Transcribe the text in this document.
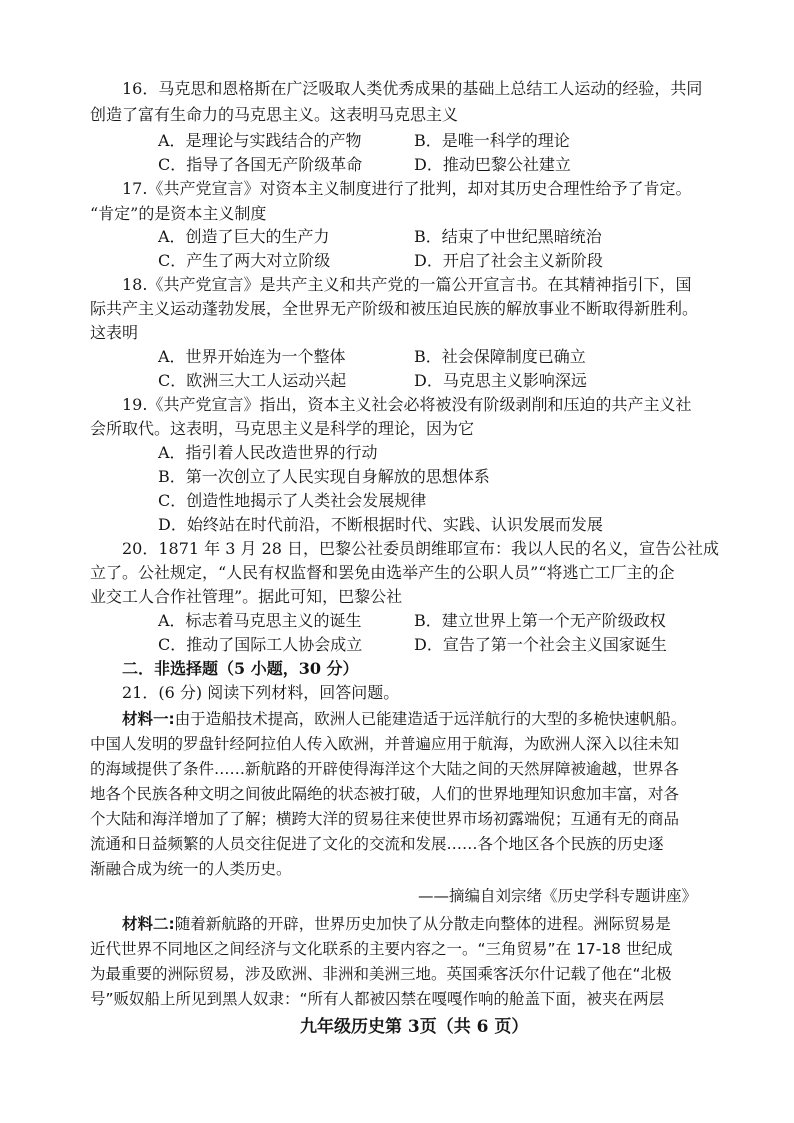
16．马克思和恩格斯在广泛吸取人类优秀成果的基础上总结工人运动的经验，共同
创造了富有生命力的马克思主义。这表明马克思主义
A．是理论与实践结合的产物	B．是唯一科学的理论
C．指导了各国无产阶级革命	D．推动巴黎公社建立
17.《共产党宣言》对资本主义制度进行了批判，却对其历史合理性给予了肯定。
“肯定”的是资本主义制度
A．创造了巨大的生产力	B．结束了中世纪黑暗统治
C．产生了两大对立阶级	D．开启了社会主义新阶段
18.《共产党宣言》是共产主义和共产党的一篇公开宣言书。在其精神指引下，国
际共产主义运动蓬勃发展，全世界无产阶级和被压迫民族的解放事业不断取得新胜利。
这表明
A．世界开始连为一个整体	B．社会保障制度已确立
C．欧洲三大工人运动兴起	D．马克思主义影响深远
19.《共产党宣言》指出，资本主义社会必将被没有阶级剥削和压迫的共产主义社
会所取代。这表明，马克思主义是科学的理论，因为它
A．指引着人民改造世界的行动
B．第一次创立了人民实现自身解放的思想体系
C．创造性地揭示了人类社会发展规律
D．始终站在时代前沿，不断根据时代、实践、认识发展而发展
20．1871 年 3 月 28 日，巴黎公社委员朗维耶宣布：我以人民的名义，宣告公社成
立了。公社规定，“人民有权监督和罢免由选举产生的公职人员”“将逃亡工厂主的企
业交工人合作社管理”。据此可知，巴黎公社
A．标志着马克思主义的诞生	B．建立世界上第一个无产阶级政权
C．推动了国际工人协会成立	D．宣告了第一个社会主义国家诞生
二．非选择题（5 小题，30 分）
21．(6 分) 阅读下列材料，回答问题。
材料一:由于造船技术提高，欧洲人已能建造适于远洋航行的大型的多桅快速帆船。
中国人发明的罗盘针经阿拉伯人传入欧洲，并普遍应用于航海，为欧洲人深入以往未知
的海域提供了条件……新航路的开辟使得海洋这个大陆之间的天然屏障被逾越，世界各
地各个民族各种文明之间彼此隔绝的状态被打破，人们的世界地理知识愈加丰富，对各
个大陆和海洋增加了了解；横跨大洋的贸易往来使世界市场初露端倪；互通有无的商品
流通和日益频繁的人员交往促进了文化的交流和发展……各个地区各个民族的历史逐
渐融合成为统一的人类历史。
——摘编自刘宗绪《历史学科专题讲座》
材料二:随着新航路的开辟，世界历史加快了从分散走向整体的进程。洲际贸易是
近代世界不同地区之间经济与文化联系的主要内容之一。“三角贸易”在 17-18 世纪成
为最重要的洲际贸易，涉及欧洲、非洲和美洲三地。英国乘客沃尔什记载了他在“北极
号”贩奴船上所见到黑人奴隶：“所有人都被囚禁在嘎嘎作响的舱盖下面，被夹在两层
九年级历史第 3页（共 6 页）
